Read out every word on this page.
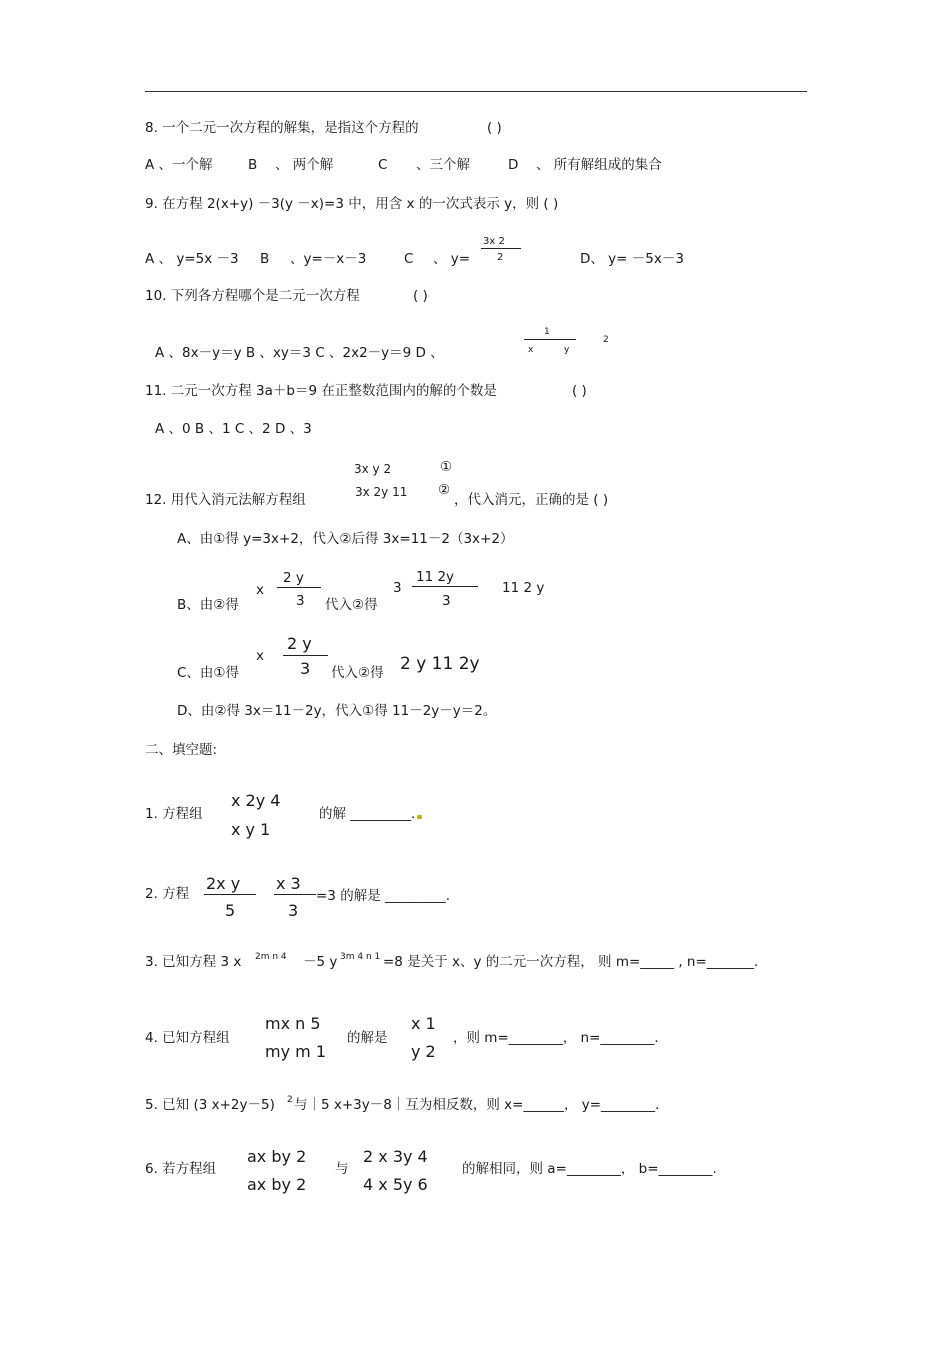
8. 一个二元一次方程的解集，是指这个方程的	( )
A 、一个解	B 、 两个解	C 、三个解	D 、 所有解组成的集合
9. 在方程 2(x+y) －3(y －x)=3 中，用含 x 的一次式表示 y，则 ( )
A 、 y=5x －3 B 、y=－x－3	C 、 y=
3x 2
2	D、 y= －5x－3
10. 下列各方程哪个是二元一次方程	( )
A 、8x－y＝y B 、xy＝3 C 、2x2－y＝9 D 、
1
x	y
2
11. 二元一次方程 3a＋b＝9 在正整数范围内的解的个数是	( )
A 、0 B 、1 C 、2 D 、3
3x y 2	①
3x 2y 11 ②
12. 用代入消元法解方程组	，代入消元，正确的是 ( )
A、由①得 y=3x+2，代入②后得 3x=11－2（3x+2）
B、由②得
x
2 y
3 代入②得
3
11 2y
3
11 2 y
C、由①得
x
2 y
3 代入②得 2 y 11 2y
D、由②得 3x＝11－2y，代入①得 11－2y－y＝2。
二、填空题:
1. 方程组
x 2y 4
x y 1
的解 _________.
2. 方程
2x y
5
x 3
3
=3 的解是 _________.
3. 已知方程 3 x 2m n 4 －5 y 3m 4 n 1 =8 是关于 x、y 的二元一次方程， 则 m=_____ , n=_______.
4. 已知方程组
mx n 5
my m 1
的解是
x 1
y 2
，则 m=________， n=________.
5. 已知 (3 x+2y－5) 2 与｜5 x+3y－8｜互为相反数，则 x=______， y=________.
6. 若方程组
ax by 2
ax by 2
与
2 x 3y 4
4 x 5y 6
的解相同，则 a=________， b=________.
